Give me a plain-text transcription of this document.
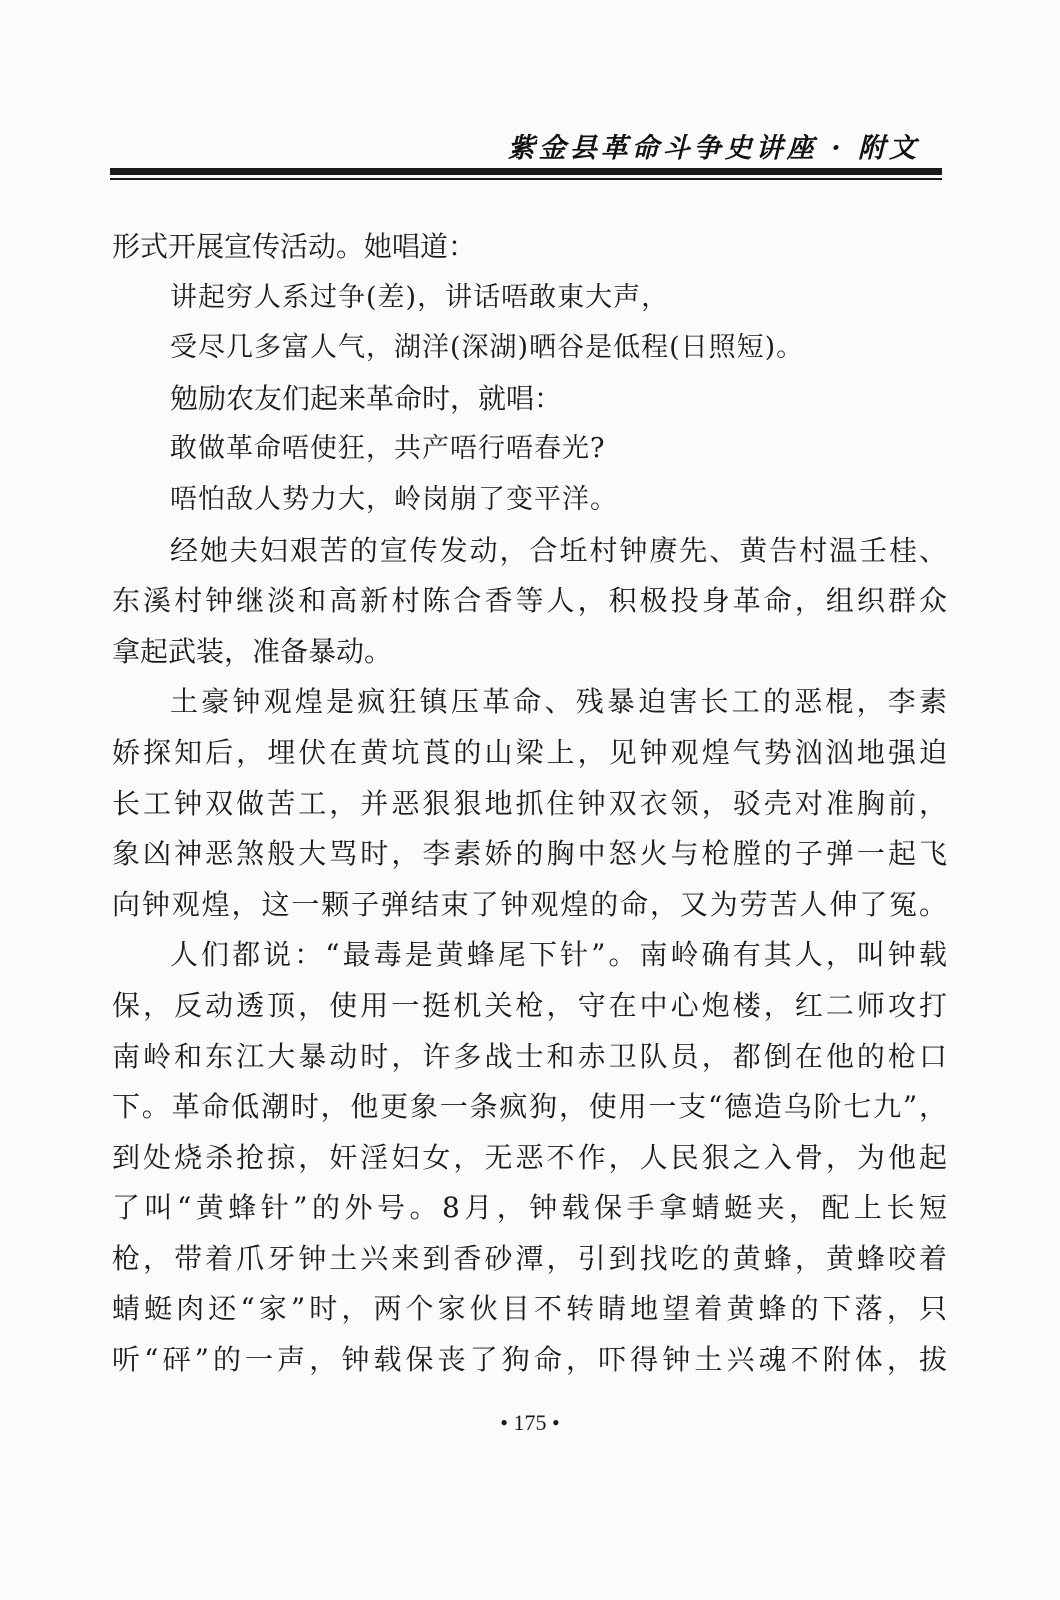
紫金县革命斗争史讲座 · 附文
形式开展宣传活动。她唱道：
讲起穷人系过争(差)，讲话唔敢東大声，
受尽几多富人气，湖洋(深湖)晒谷是低程(日照短)。
勉励农友们起来革命时，就唱：
敢做革命唔使狂，共产唔行唔春光?
唔怕敌人势力大，岭岗崩了变平洋。
经她夫妇艰苦的宣传发动，合坵村钟赓先、黄告村温壬桂、
东溪村钟继淡和高新村陈合香等人，积极投身革命，组织群众
拿起武装，准备暴动。
土豪钟观煌是疯狂镇压革命、残暴迫害长工的恶棍，李素
娇探知后，埋伏在黄坑莨的山梁上，见钟观煌气势汹汹地强迫
长工钟双做苦工，并恶狠狠地抓住钟双衣领，驳壳对准胸前，
象凶神恶煞般大骂时，李素娇的胸中怒火与枪膛的子弹一起飞
向钟观煌，这一颗子弹结束了钟观煌的命，又为劳苦人伸了冤。
人们都说：“最毒是黄蜂尾下针”。南岭确有其人，叫钟载
保，反动透顶，使用一挺机关枪，守在中心炮楼，红二师攻打
南岭和东江大暴动时，许多战士和赤卫队员，都倒在他的枪口
下。革命低潮时，他更象一条疯狗，使用一支“德造乌阶七九”，
到处烧杀抢掠，奸淫妇女，无恶不作，人民狠之入骨，为他起
了叫“黄蜂针”的外号。8月，钟载保手拿蜻蜓夹，配上长短
枪，带着爪牙钟土兴来到香砂潭，引到找吃的黄蜂，黄蜂咬着
蜻蜓肉还“家”时，两个家伙目不转睛地望着黄蜂的下落，只
听“砰”的一声，钟载保丧了狗命，吓得钟土兴魂不附体，拔
• 175 •
